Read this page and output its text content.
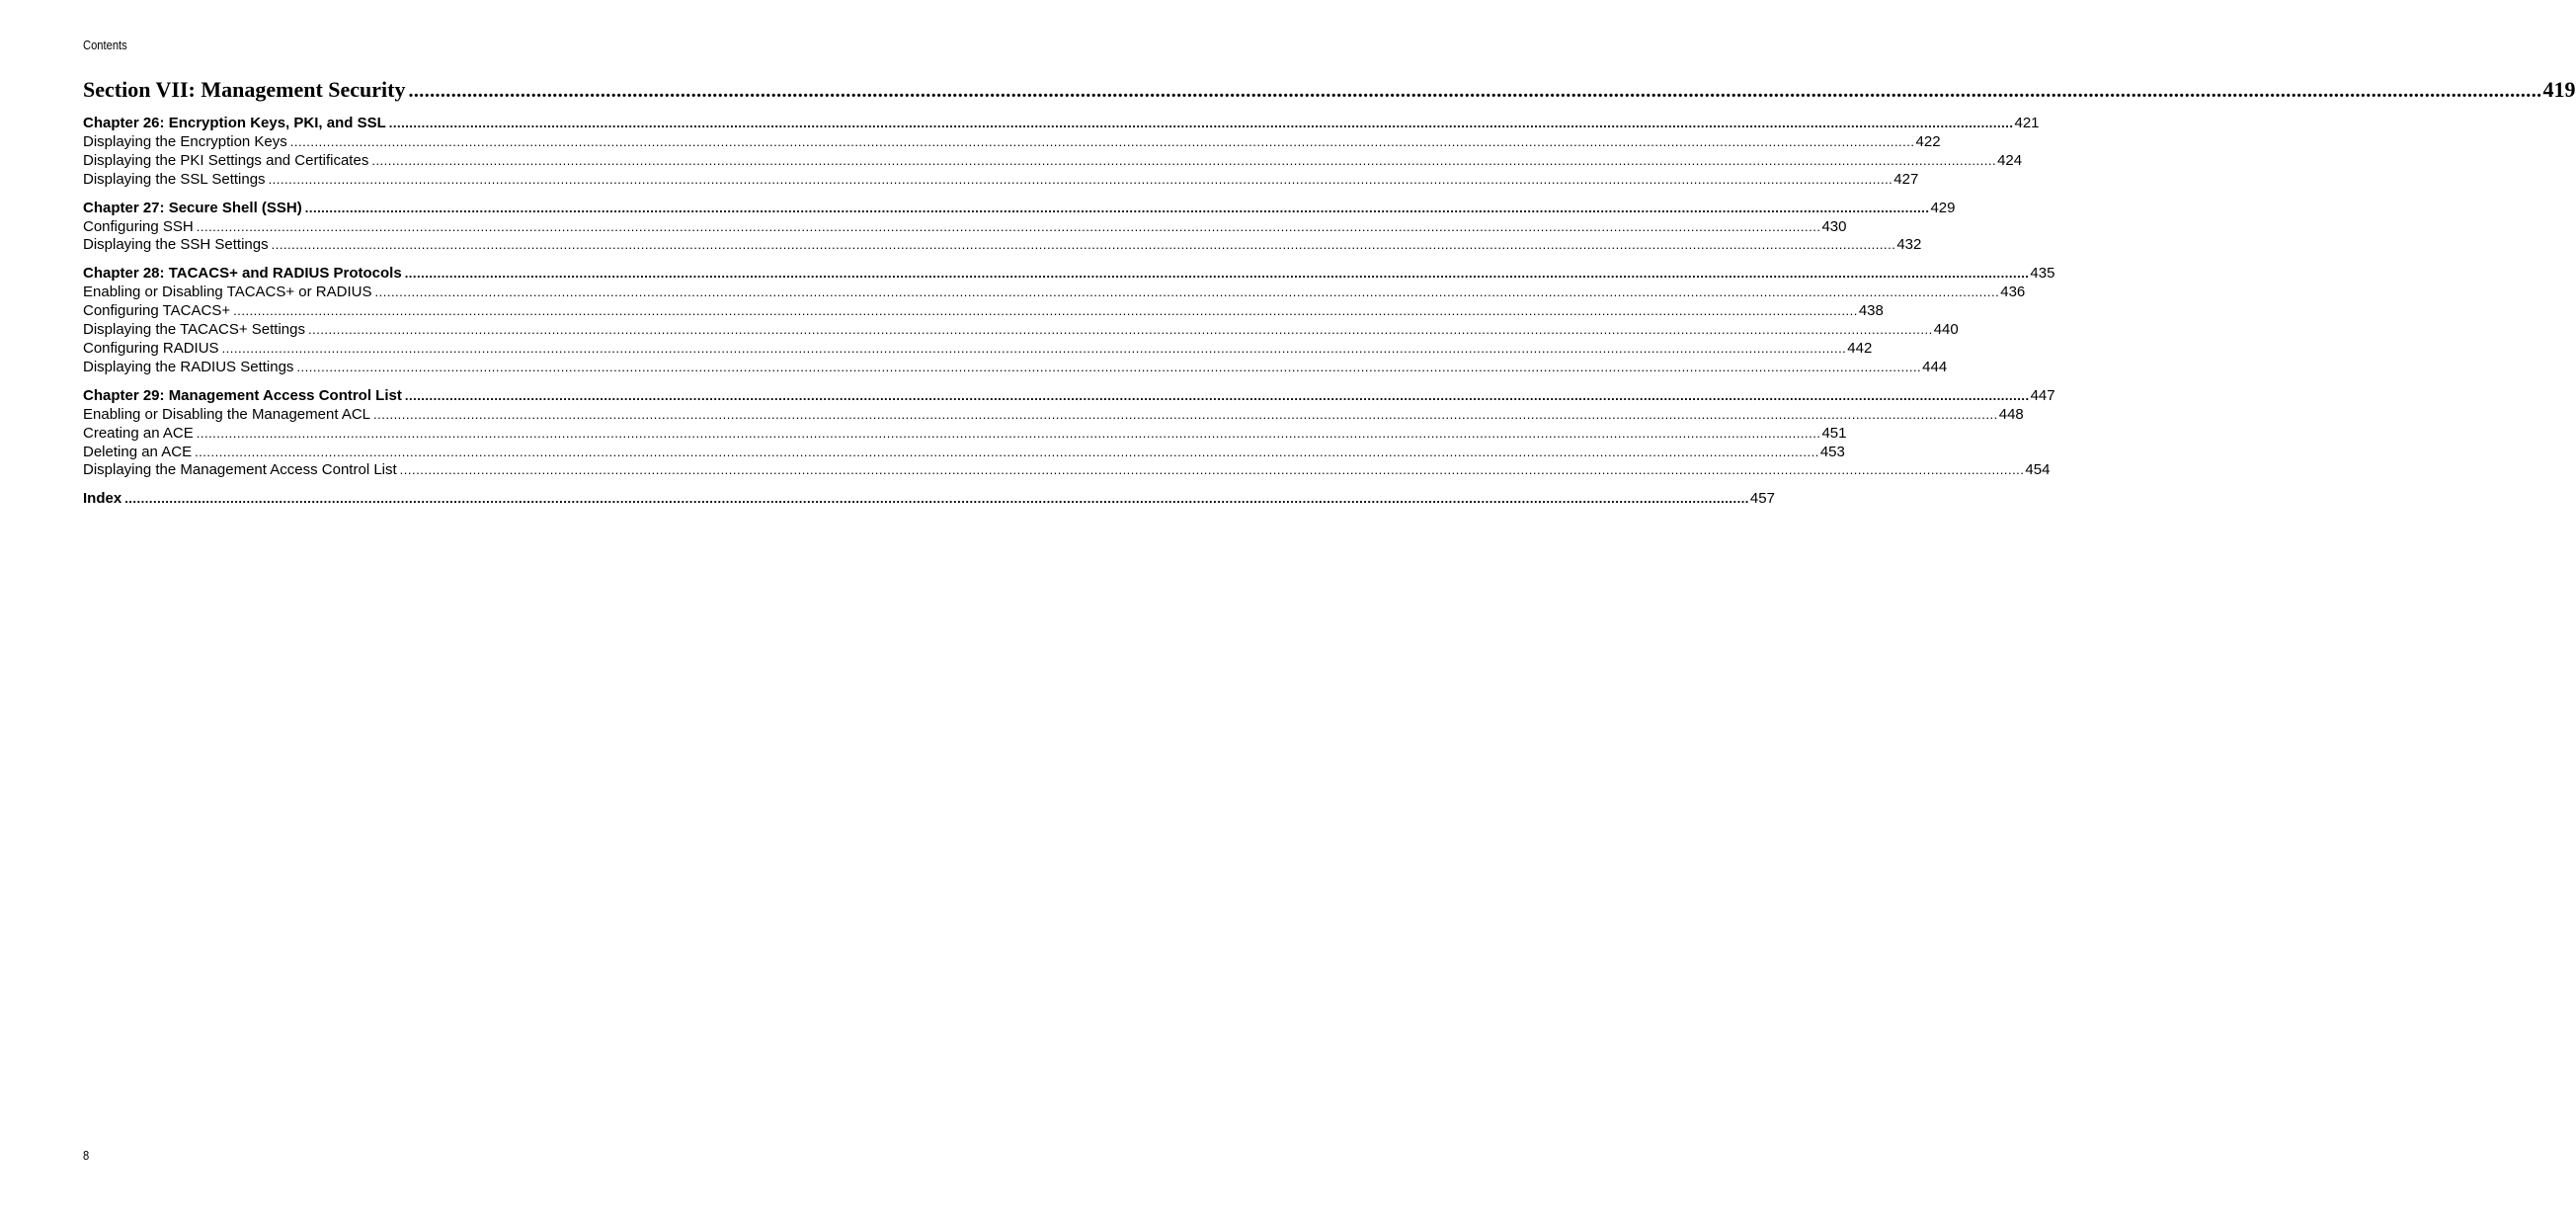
Contents
Section VII: Management Security ................................................................................................................................................................................................................................................................................................................................................................................................................ 419
Chapter 26: Encryption Keys, PKI, and SSL ................................................................................................................................................................................................................................................................................................................................................................................................................ 421
Displaying the Encryption Keys ................................................................................................................................................................................................................................................................................................................................................................................................................ 422
Displaying the PKI Settings and Certificates ................................................................................................................................................................................................................................................................................................................................................................................................................ 424
Displaying the SSL Settings ................................................................................................................................................................................................................................................................................................................................................................................................................ 427
Chapter 27: Secure Shell (SSH) ................................................................................................................................................................................................................................................................................................................................................................................................................ 429
Configuring SSH ................................................................................................................................................................................................................................................................................................................................................................................................................ 430
Displaying the SSH Settings ................................................................................................................................................................................................................................................................................................................................................................................................................ 432
Chapter 28: TACACS+ and RADIUS Protocols ................................................................................................................................................................................................................................................................................................................................................................................................................ 435
Enabling or Disabling TACACS+ or RADIUS ................................................................................................................................................................................................................................................................................................................................................................................................................ 436
Configuring TACACS+ ................................................................................................................................................................................................................................................................................................................................................................................................................ 438
Displaying the TACACS+ Settings ................................................................................................................................................................................................................................................................................................................................................................................................................ 440
Configuring RADIUS ................................................................................................................................................................................................................................................................................................................................................................................................................ 442
Displaying the RADIUS Settings ................................................................................................................................................................................................................................................................................................................................................................................................................ 444
Chapter 29: Management Access Control List ................................................................................................................................................................................................................................................................................................................................................................................................................ 447
Enabling or Disabling the Management ACL ................................................................................................................................................................................................................................................................................................................................................................................................................ 448
Creating an ACE ................................................................................................................................................................................................................................................................................................................................................................................................................ 451
Deleting an ACE ................................................................................................................................................................................................................................................................................................................................................................................................................ 453
Displaying the Management Access Control List ................................................................................................................................................................................................................................................................................................................................................................................................................ 454
Index ................................................................................................................................................................................................................................................................................................................................................................................................................ 457
8
